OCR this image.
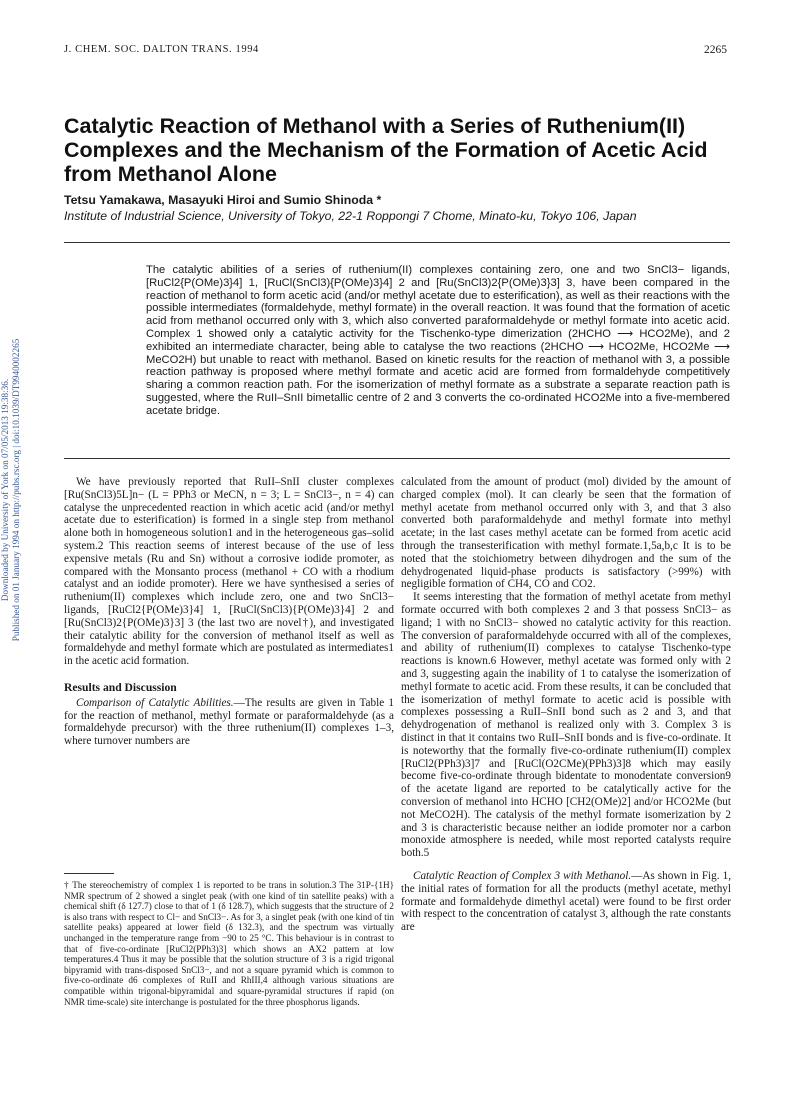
J. CHEM. SOC. DALTON TRANS. 1994	2265
Downloaded by University of York on 07/05/2013 19:38:36. Published on 01 January 1994 on http://pubs.rsc.org | doi:10.1039/DT9940002265
Catalytic Reaction of Methanol with a Series of Ruthenium(II) Complexes and the Mechanism of the Formation of Acetic Acid from Methanol Alone
Tetsu Yamakawa, Masayuki Hiroi and Sumio Shinoda *
Institute of Industrial Science, University of Tokyo, 22-1 Roppongi 7 Chome, Minato-ku, Tokyo 106, Japan
The catalytic abilities of a series of ruthenium(II) complexes containing zero, one and two SnCl3− ligands, [RuCl2{P(OMe)3}4] 1, [RuCl(SnCl3){P(OMe)3}4] 2 and [Ru(SnCl3)2{P(OMe)3}3] 3, have been compared in the reaction of methanol to form acetic acid (and/or methyl acetate due to esterification), as well as their reactions with the possible intermediates (formaldehyde, methyl formate) in the overall reaction. It was found that the formation of acetic acid from methanol occurred only with 3, which also converted paraformaldehyde or methyl formate into acetic acid. Complex 1 showed only a catalytic activity for the Tischenko-type dimerization (2HCHO ⟶ HCO2Me), and 2 exhibited an intermediate character, being able to catalyse the two reactions (2HCHO ⟶ HCO2Me, HCO2Me ⟶ MeCO2H) but unable to react with methanol. Based on kinetic results for the reaction of methanol with 3, a possible reaction pathway is proposed where methyl formate and acetic acid are formed from formaldehyde competitively sharing a common reaction path. For the isomerization of methyl formate as a substrate a separate reaction path is suggested, where the RuII–SnII bimetallic centre of 2 and 3 converts the co-ordinated HCO2Me into a five-membered acetate bridge.

We have previously reported that RuII–SnII cluster complexes [Ru(SnCl3)5L]n− (L = PPh3 or MeCN, n = 3; L = SnCl3−, n = 4) can catalyse the unprecedented reaction in which acetic acid (and/or methyl acetate due to esterification) is formed in a single step from methanol alone both in homogeneous solution1 and in the heterogeneous gas–solid system.2 This reaction seems of interest because of the use of less expensive metals (Ru and Sn) without a corrosive iodide promoter, as compared with the Monsanto process (methanol + CO with a rhodium catalyst and an iodide promoter). Here we have synthesised a series of ruthenium(II) complexes which include zero, one and two SnCl3− ligands, [RuCl2{P(OMe)3}4] 1, [RuCl(SnCl3){P(OMe)3}4] 2 and [Ru(SnCl3)2{P(OMe)3}3] 3 (the last two are novel†), and investigated their catalytic ability for the conversion of methanol itself as well as formaldehyde and methyl formate which are postulated as intermediates1 in the acetic acid formation.

Results and Discussion

Comparison of Catalytic Abilities.—The results are given in Table 1 for the reaction of methanol, methyl formate or paraformaldehyde (as a formaldehyde precursor) with the three ruthenium(II) complexes 1–3, where turnover numbers are

† The stereochemistry of complex 1 is reported to be trans in solution.3 The 31P-{1H} NMR spectrum of 2 showed a singlet peak (with one kind of tin satellite peaks) with a chemical shift (δ 127.7) close to that of 1 (δ 128.7), which suggests that the structure of 2 is also trans with respect to Cl− and SnCl3−. As for 3, a singlet peak (with one kind of tin satellite peaks) appeared at lower field (δ 132.3), and the spectrum was virtually unchanged in the temperature range from −90 to 25 °C. This behaviour is in contrast to that of five-co-ordinate [RuCl2(PPh3)3] which shows an AX2 pattern at low temperatures.4 Thus it may be possible that the solution structure of 3 is a rigid trigonal bipyramid with trans-disposed SnCl3−, and not a square pyramid which is common to five-co-ordinate d6 complexes of RuII and RhIII,4 although various situations are compatible within trigonal-bipyramidal and square-pyramidal structures if rapid (on NMR time-scale) site interchange is postulated for the three phosphorus ligands.

calculated from the amount of product (mol) divided by the amount of charged complex (mol). It can clearly be seen that the formation of methyl acetate from methanol occurred only with 3, and that 3 also converted both paraformaldehyde and methyl formate into methyl acetate; in the last cases methyl acetate can be formed from acetic acid through the transesterification with methyl formate.1,5a,b,c It is to be noted that the stoichiometry between dihydrogen and the sum of the dehydrogenated liquid-phase products is satisfactory (>99%) with negligible formation of CH4, CO and CO2.

It seems interesting that the formation of methyl acetate from methyl formate occurred with both complexes 2 and 3 that possess SnCl3− as ligand; 1 with no SnCl3− showed no catalytic activity for this reaction. The conversion of paraformaldehyde occurred with all of the complexes, and ability of ruthenium(II) complexes to catalyse Tischenko-type reactions is known.6 However, methyl acetate was formed only with 2 and 3, suggesting again the inability of 1 to catalyse the isomerization of methyl formate to acetic acid. From these results, it can be concluded that the isomerization of methyl formate to acetic acid is possible with complexes possessing a RuII–SnII bond such as 2 and 3, and that dehydrogenation of methanol is realized only with 3. Complex 3 is distinct in that it contains two RuII–SnII bonds and is five-co-ordinate. It is noteworthy that the formally five-co-ordinate ruthenium(II) complex [RuCl2(PPh3)3]7 and [RuCl(O2CMe)(PPh3)3]8 which may easily become five-co-ordinate through bidentate to monodentate conversion9 of the acetate ligand are reported to be catalytically active for the conversion of methanol into HCHO [CH2(OMe)2] and/or HCO2Me (but not MeCO2H). The catalysis of the methyl formate isomerization by 2 and 3 is characteristic because neither an iodide promoter nor a carbon monoxide atmosphere is needed, while most reported catalysts require both.5

Catalytic Reaction of Complex 3 with Methanol.—As shown in Fig. 1, the initial rates of formation for all the products (methyl acetate, methyl formate and formaldehyde dimethyl acetal) were found to be first order with respect to the concentration of catalyst 3, although the rate constants are
